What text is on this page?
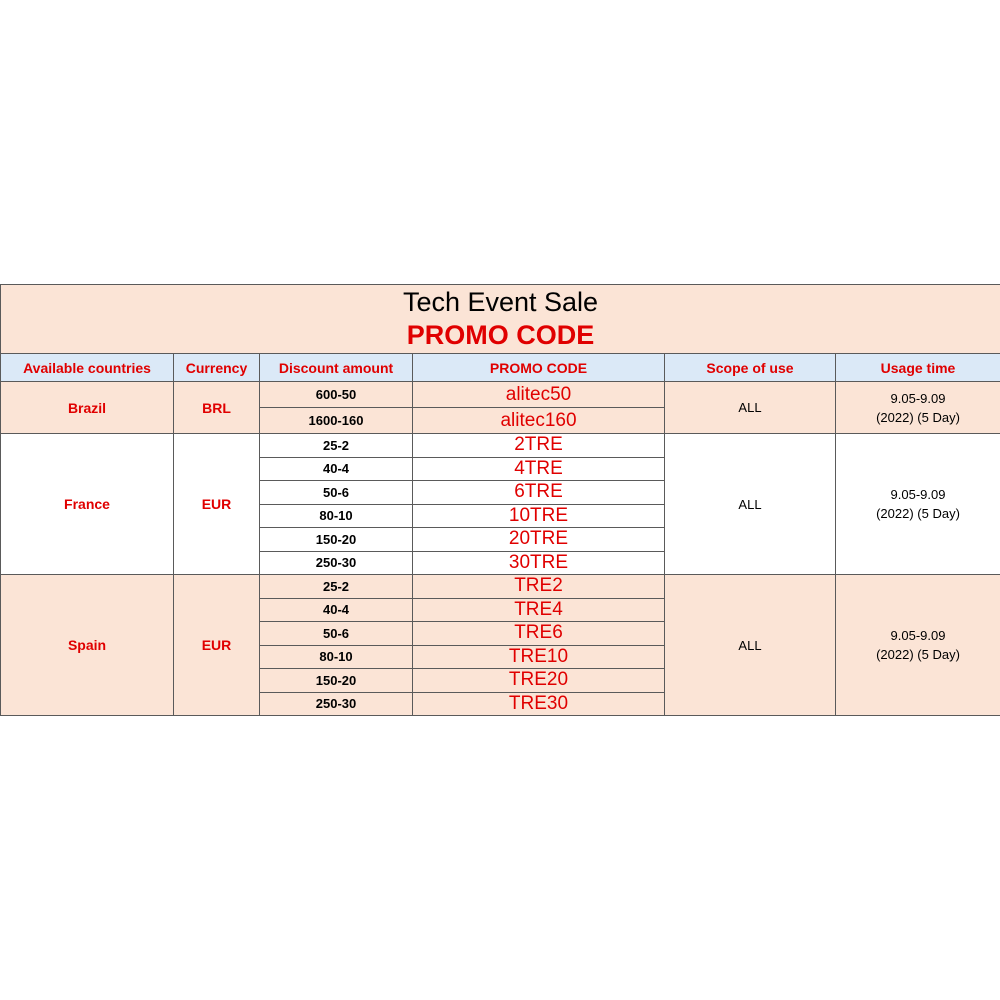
Tech Event Sale
PROMO CODE					

Available countries	Currency	Discount amount	PROMO CODE	Scope of use	Usage time
Brazil	BRL	600-50	alitec50	ALL	9.05-9.09
(2022) (5 Day)

		1600-160	alitec160		
France	EUR	25-2	2TRE	ALL	9.05-9.09
(2022) (5 Day)

		40-4	4TRE		
		50-6	6TRE		
		80-10	10TRE		
		150-20	20TRE		
		250-30	30TRE		
Spain	EUR	25-2	TRE2	ALL	9.05-9.09
(2022) (5 Day)

		40-4	TRE4		
		50-6	TRE6		
		80-10	TRE10		
		150-20	TRE20		
		250-30	TRE30		
